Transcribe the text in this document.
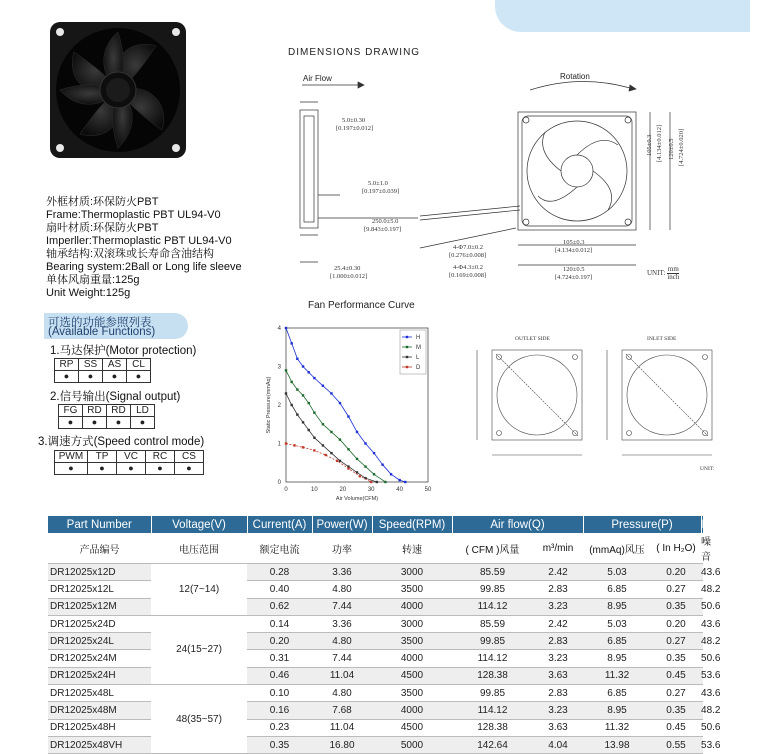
外框材质:环保防火PBT
Frame:Thermoplastic PBT UL94-V0
扇叶材质:环保防火PBT
Imperller:Thermoplastic PBT UL94-V0
轴承结构:双滚珠或长寿命含油结构
Bearing system:2Ball or Long life sleeve
单体风扇重量:125g
Unit Weight:125g
DIMENSIONS DRAWING
Air Flow	Rotation
5.0±0.30
[0.197±0.012]
5.0±1.0
[0.197±0.039]
250.0±5.0
[9.843±0.197]
25.4±0.30
[1.000±0.012]
4-Φ7.0±0.2
[0.276±0.008]
4-Φ4.3±0.2
[0.169±0.008]
105±0.3
[4.134±0.012]
120±0.5
[4.724±0.197]
105±0.3 [4.134±0.012] 120±0.5 [4.724±0.020]
UNIT:
mm
inch
可选的功能参照列表
(Available Functions)
1.马达保护(Motor protection)
RP	SS	AS	CL
●	●	●	●
2.信号输出(Signal output)
FG	RD	$\overline{RD}$	LD
●	●	●	●
3.调速方式(Speed control mode)
PWM	TP	VC	RC	CS
●	●	●	●	●
Fan Performance Curve
0	10	20	30	40	50
0
1
2
3
4
Air Volume(CFM)
Static Pressure(mmAq)
H
M
L
D
OUTLET SIDE	INLET SIDE
UNIT:
Part Number	Voltage(V)	Current(A)	Power(W)	Speed(RPM)	Air flow(Q)		Pressure(P)		Noise(dBA)
产品编号	电压范围	额定电流	功率	转速	( CFM )风量	m³/min	(mmAq)风压	( In H₂O)	噪音
DR12025x12D	12(7~14)	0.28	3.36	3000	85.59	2.42	5.03	0.20	43.6
DR12025x12L		0.40	4.80	3500	99.85	2.83	6.85	0.27	48.2
DR12025x12M		0.62	7.44	4000	114.12	3.23	8.95	0.35	50.6
DR12025x24D	24(15~27)	0.14	3.36	3000	85.59	2.42	5.03	0.20	43.6
DR12025x24L		0.20	4.80	3500	99.85	2.83	6.85	0.27	48.2
DR12025x24M		0.31	7.44	4000	114.12	3.23	8.95	0.35	50.6
DR12025x24H		0.46	11.04	4500	128.38	3.63	11.32	0.45	53.6
DR12025x48L	48(35~57)	0.10	4.80	3500	99.85	2.83	6.85	0.27	43.6
DR12025x48M		0.16	7.68	4000	114.12	3.23	8.95	0.35	48.2
DR12025x48H		0.23	11.04	4500	128.38	3.63	11.32	0.45	50.6
DR12025x48VH		0.35	16.80	5000	142.64	4.04	13.98	0.55	53.6
